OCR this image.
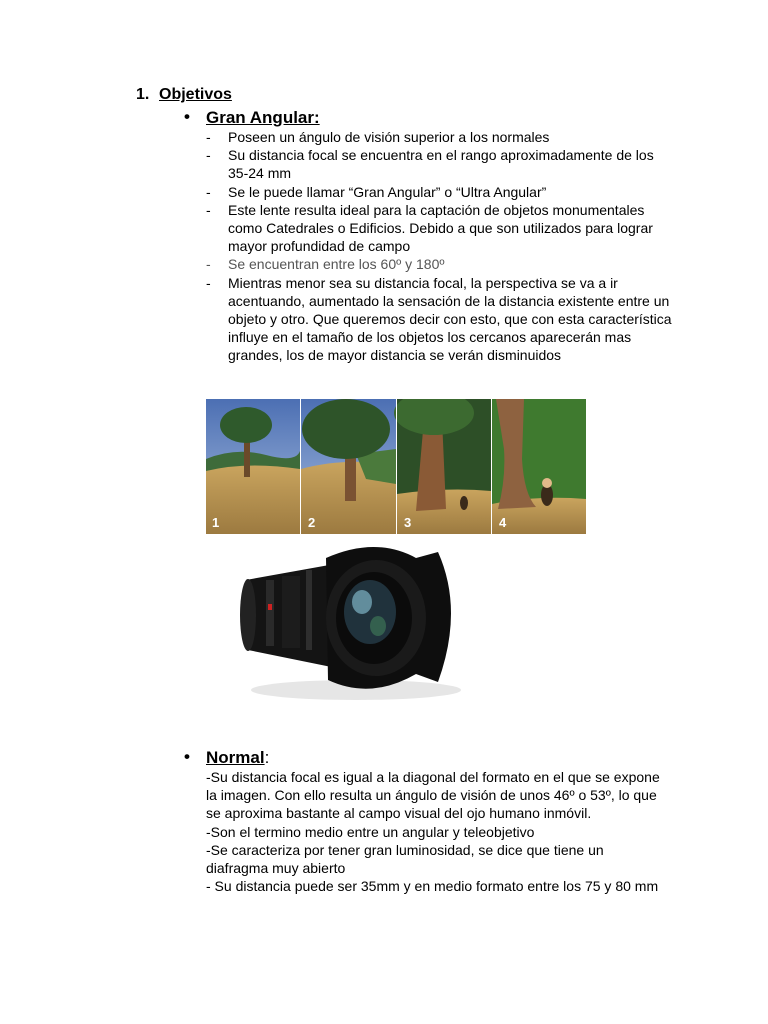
1. Objetivos
• Gran Angular:
- Poseen un ángulo de visión superior a los normales
- Su distancia focal se encuentra en el rango aproximadamente de los 35-24 mm
- Se le puede llamar “Gran Angular” o “Ultra Angular”
- Este lente resulta ideal para la captación de objetos monumentales como Catedrales o Edificios. Debido a que son utilizados para lograr mayor profundidad de campo
- Se encuentran entre los 60º y 180º
- Mientras menor sea su distancia focal, la perspectiva se va a ir acentuando, aumentado la sensación de la distancia existente entre un objeto y otro. Que queremos decir con esto, que con esta característica influye en el tamaño de los objetos los cercanos aparecerán mas grandes, los de mayor distancia se verán disminuidos
1	2	3	4
• Normal:
-Su distancia focal es igual a la diagonal del formato en el que se expone la imagen. Con ello resulta un ángulo de visión de unos 46º o 53º, lo que se aproxima bastante al campo visual del ojo humano inmóvil.
-Son el termino medio entre un angular y teleobjetivo
-Se caracteriza por tener gran luminosidad, se dice que tiene un diafragma muy abierto
- Su distancia puede ser 35mm y en medio formato entre los 75 y 80 mm
